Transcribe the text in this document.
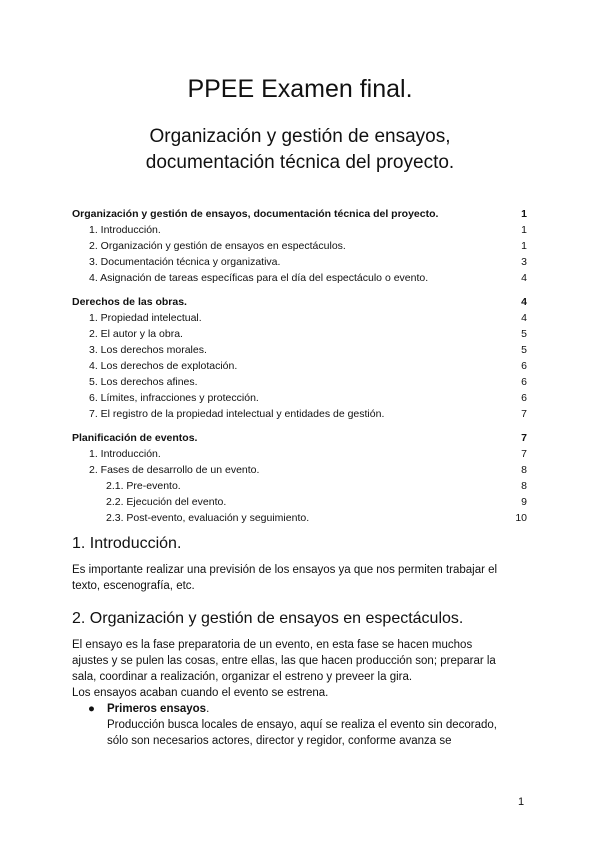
PPEE Examen final.
Organización y gestión de ensayos,
documentación técnica del proyecto.
Organización y gestión de ensayos, documentación técnica del proyecto.	1
1. Introducción.	1
2. Organización y gestión de ensayos en espectáculos.	1
3. Documentación técnica y organizativa.	3
4. Asignación de tareas específicas para el día del espectáculo o evento.	4
Derechos de las obras.	4
1. Propiedad intelectual.	4
2. El autor y la obra.	5
3. Los derechos morales.	5
4. Los derechos de explotación.	6
5. Los derechos afines.	6
6. Límites, infracciones y protección.	6
7. El registro de la propiedad intelectual y entidades de gestión.	7
Planificación de eventos.	7
1. Introducción.	7
2. Fases de desarrollo de un evento.	8
2.1. Pre-evento.	8
2.2. Ejecución del evento.	9
2.3. Post-evento, evaluación y seguimiento.	10
1. Introducción.

Es importante realizar una previsión de los ensayos ya que nos permiten trabajar el
texto, escenografía, etc.

2. Organización y gestión de ensayos en espectáculos.

El ensayo es la fase preparatoria de un evento, en esta fase se hacen muchos
ajustes y se pulen las cosas, entre ellas, las que hacen producción son; preparar la
sala, coordinar a realización, organizar el estreno y preveer la gira.
Los ensayos acaban cuando el evento se estrena.

● Primeros ensayos.
Producción busca locales de ensayo, aquí se realiza el evento sin decorado,
sólo son necesarios actores, director y regidor, conforme avanza se
1
